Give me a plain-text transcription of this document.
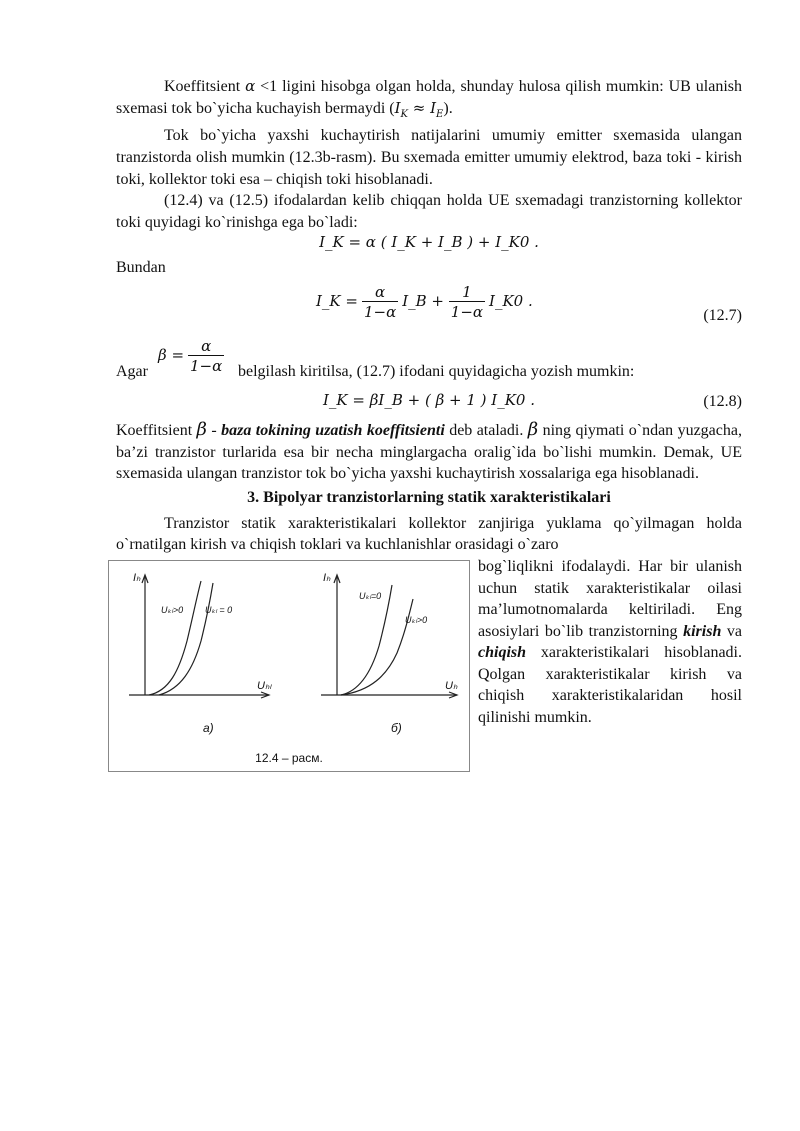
Koeffitsient α <1 ligini hisobga olgan holda, shunday hulosa qilish mumkin: UB ulanish sxemasi tok bo`yicha kuchayish bermaydi $(I_K \approx I_E)$.

Tok bo`yicha yaxshi kuchaytirish natijalarini umumiy emitter sxemasida ulangan tranzistorda olish mumkin (12.3b-rasm). Bu sxemada emitter umumiy elektrod, baza toki - kirish toki, kollektor toki esa – chiqish toki hisoblanadi.

(12.4) va (12.5) ifodalardan kelib chiqqan holda UE sxemadagi tranzistorning kollektor toki quyidagi ko`rinishga ega bo`ladi:

I_K = α ( I_K + I_B ) + I_K0 .

Bundan

I_K = $\frac{\alpha}{1-\alpha}$ I_B + $\frac{1}{1-\alpha}$ I_K0 .
(12.7)
Agar
$\beta = \frac{\alpha}{1-\alpha}$ belgilash kiritilsa, (12.7) ifodani quyidagicha yozish mumkin:
I_K = βI_B + ( β + 1 ) I_K0 .	(12.8)

Koeffitsient β - baza tokining uzatish koeffitsienti deb ataladi. β ning qiymati o`ndan yuzgacha, ba’zi tranzistor turlarida esa bir necha minglargacha oralig`ida bo`lishi mumkin. Demak, UE sxemasida ulangan tranzistor tok bo`yicha yaxshi kuchaytirish xossalariga ega hisoblanadi.

3. Bipolyar tranzistorlarning statik xarakteristikalari

Tranzistor statik xarakteristikalari kollektor zanjiriga yuklama qo`yilmagan holda o`rnatilgan kirish va chiqish toklari va kuchlanishlar orasidagi o`zaro

Iₕ
Uₕₗ
Uₖₗ>0 Uₖₗ = 0
Iₕ
Uₕ
Uₖₗ=0
Uₖₗ>0
а)	б)
12.4 – расм.

bog`liqlikni ifodalaydi. Har bir ulanish uchun statik xarakteristikalar oilasi ma’lumotnomalarda keltiriladi. Eng asosiylari bo`lib tranzistorning kirish va chiqish xarakteristikalari hisoblanadi. Qolgan xarakteristikalar kirish va chiqish xarakteristikalaridan hosil qilinishi mumkin.
